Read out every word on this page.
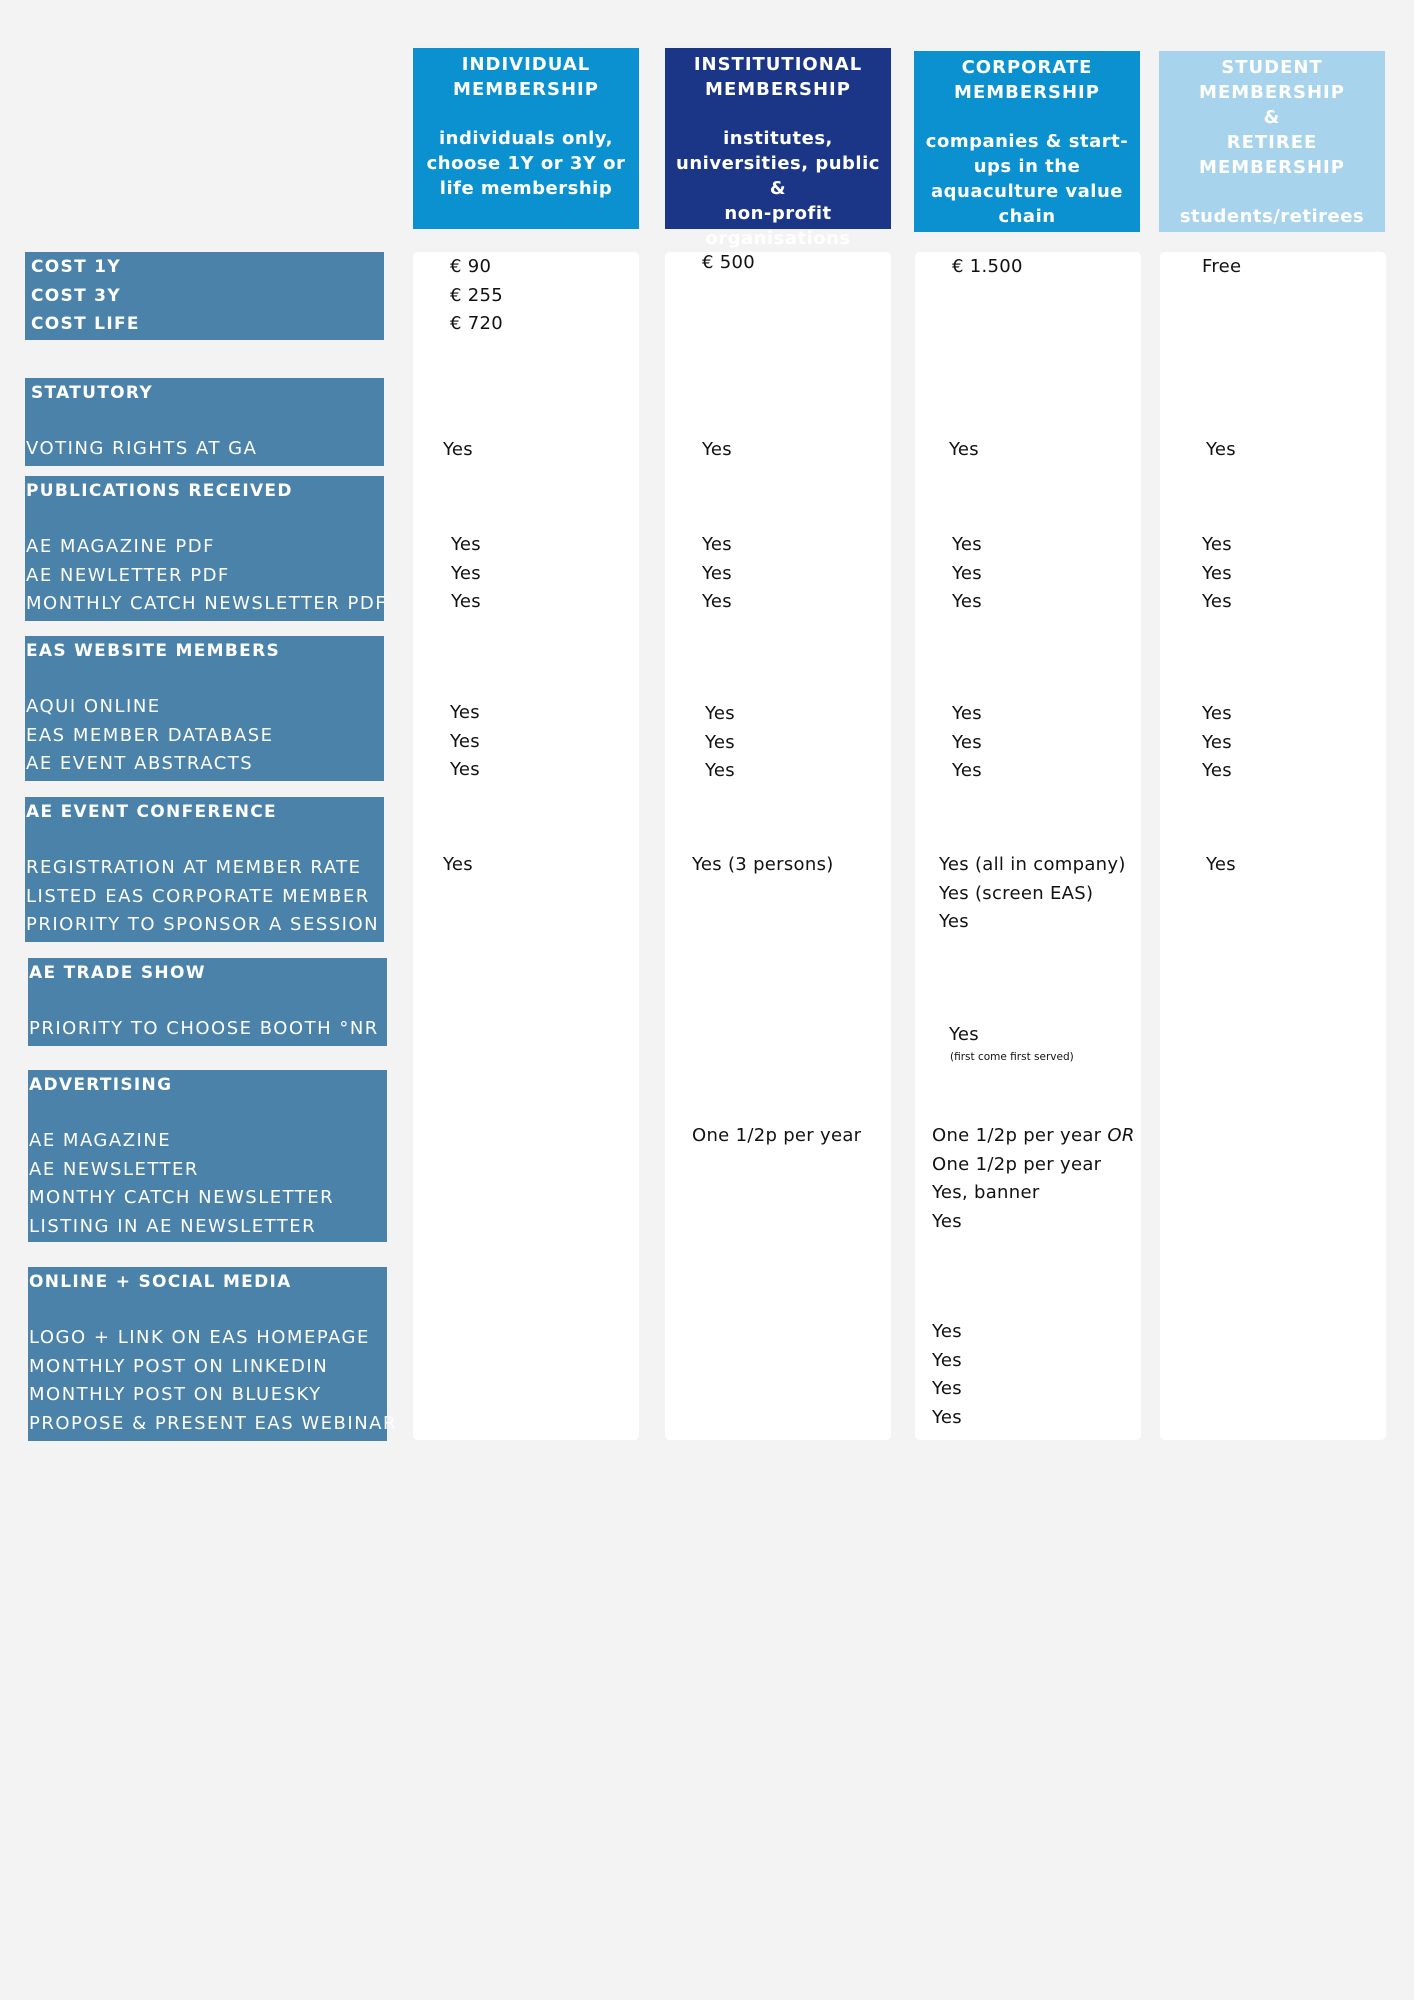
INDIVIDUAL
MEMBERSHIP
individuals only,
choose 1Y or 3Y or
life membership
INSTITUTIONAL
MEMBERSHIP
institutes,
universities, public &
non-profit
organisations
CORPORATE
MEMBERSHIP
companies & start-
ups in the
aquaculture value
chain
STUDENT
MEMBERSHIP
&
RETIREE
MEMBERSHIP
students/retirees
COST 1Y
COST 3Y
COST LIFE
STATUTORY
VOTING RIGHTS AT GA
PUBLICATIONS RECEIVED
AE MAGAZINE PDF
AE NEWLETTER PDF
MONTHLY CATCH NEWSLETTER PDF
EAS WEBSITE MEMBERS
AQUI ONLINE
EAS MEMBER DATABASE
AE EVENT ABSTRACTS
AE EVENT CONFERENCE
REGISTRATION AT MEMBER RATE
LISTED EAS CORPORATE MEMBER
PRIORITY TO SPONSOR A SESSION
AE TRADE SHOW
PRIORITY TO CHOOSE BOOTH °NR
ADVERTISING
AE MAGAZINE
AE NEWSLETTER
MONTHY CATCH NEWSLETTER
LISTING IN AE NEWSLETTER
ONLINE + SOCIAL MEDIA
LOGO + LINK ON EAS HOMEPAGE
MONTHLY POST ON LINKEDIN
MONTHLY POST ON BLUESKY
PROPOSE & PRESENT EAS WEBINAR
€ 90
€ 255
€ 720
Yes
Yes
Yes
Yes
Yes
Yes
Yes
Yes
€ 500
Yes
Yes
Yes
Yes
Yes
Yes
Yes
Yes (3 persons)
One 1/2p per year
€ 1.500
Yes
Yes
Yes
Yes
Yes
Yes
Yes
Yes (all in company)
Yes (screen EAS)
Yes
Yes
(first come first served)
One 1/2p per year OR
One 1/2p per year
Yes, banner
Yes
Yes
Yes
Yes
Yes
Free
Yes
Yes
Yes
Yes
Yes
Yes
Yes
Yes
